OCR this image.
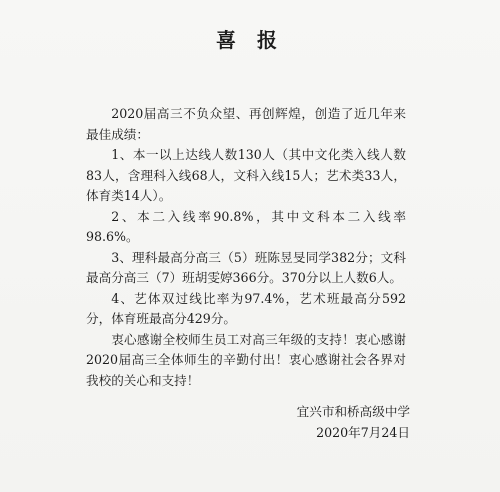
喜 报

2020届高三不负众望、再创辉煌，创造了近几年来最佳成绩：

1、本一以上达线人数130人（其中文化类入线人数83人，含理科入线68人，文科入线15人；艺术类33人，体育类14人）。

2、本二入线率90.8%，其中文科本二入线率98.6%。

3、理科最高分高三（5）班陈昱旻同学382分；文科最高分高三（7）班胡雯婷366分。370分以上人数6人。

4、艺体双过线比率为97.4%，艺术班最高分592分，体育班最高分429分。

衷心感谢全校师生员工对高三年级的支持！衷心感谢2020届高三全体师生的辛勤付出！衷心感谢社会各界对我校的关心和支持！

宜兴市和桥高级中学
2020年7月24日
